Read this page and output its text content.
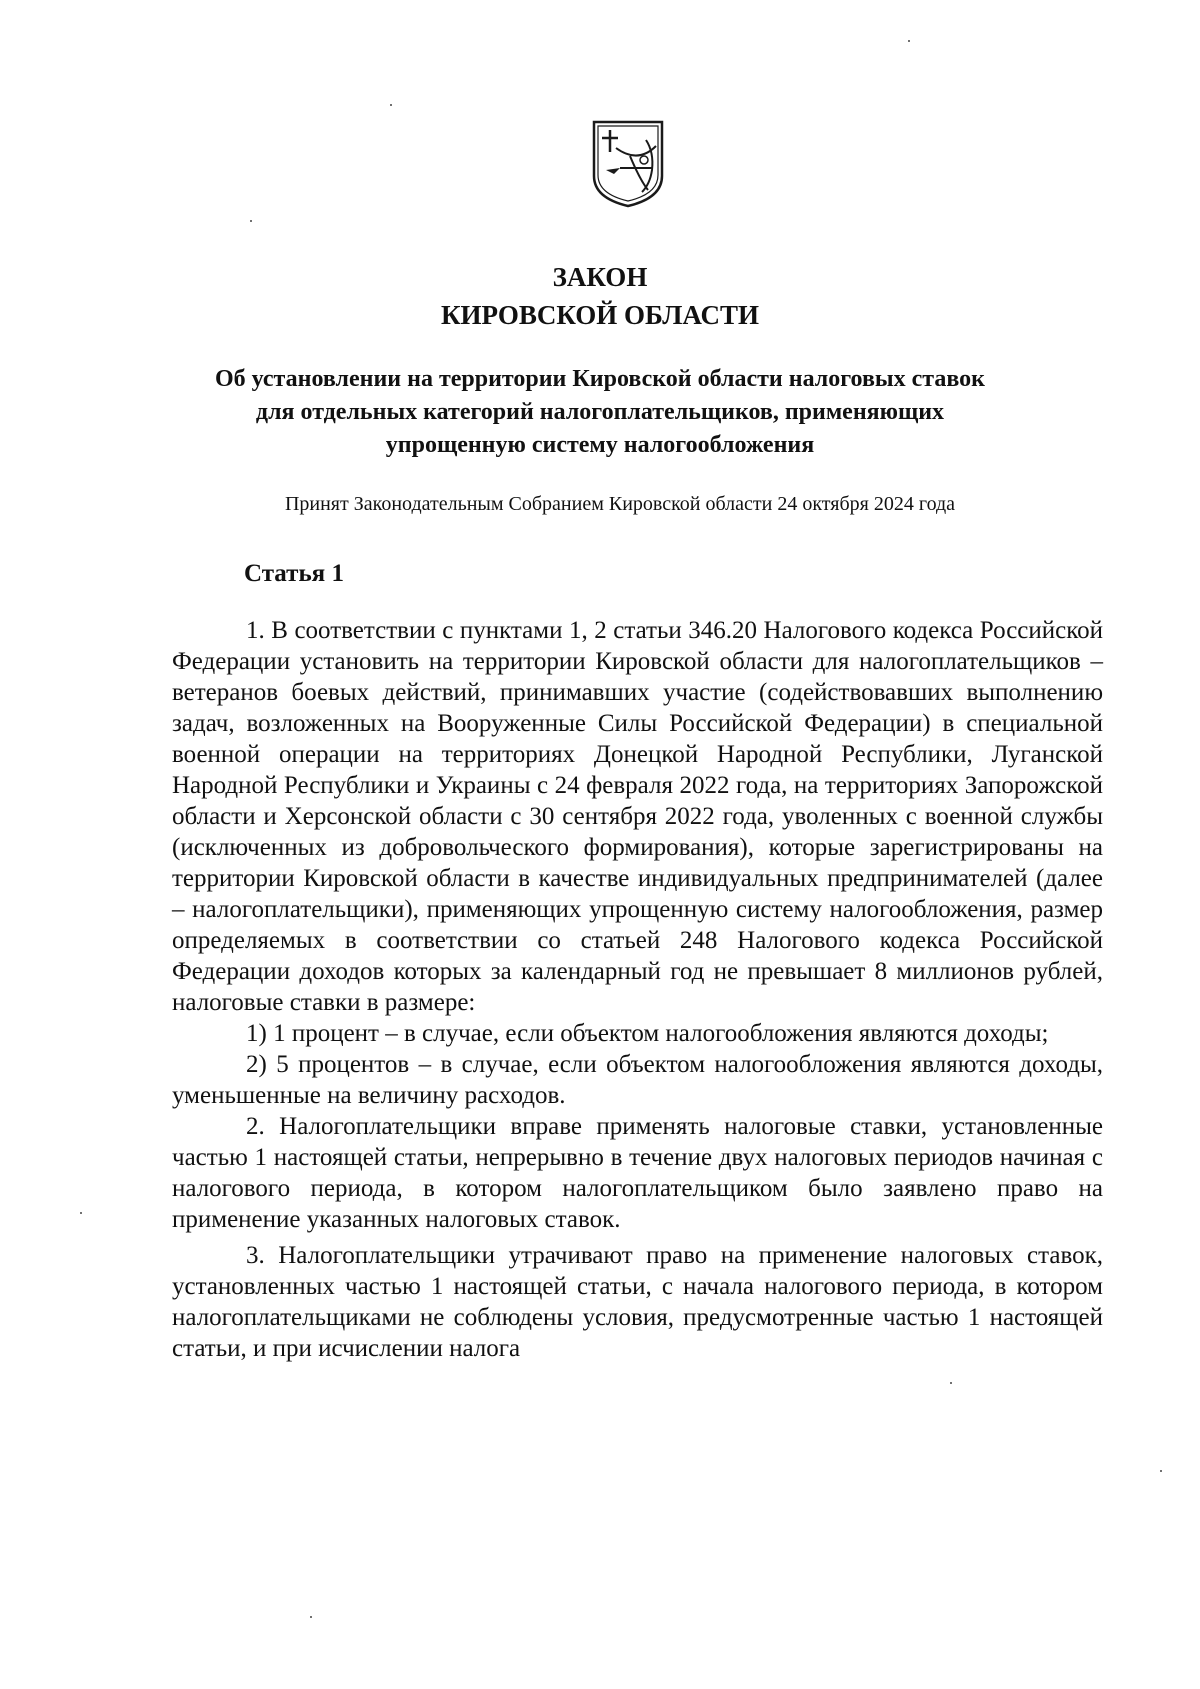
ЗАКОН
КИРОВСКОЙ ОБЛАСТИ
Об установлении на территории Кировской области налоговых ставок
для отдельных категорий налогоплательщиков, применяющих
упрощенную систему налогообложения
Принят Законодательным Собранием Кировской области 24 октября 2024 года
Статья 1

1. В соответствии с пунктами 1, 2 статьи 346.20 Налогового кодекса Российской Федерации установить на территории Кировской области для налогоплательщиков – ветеранов боевых действий, принимавших участие (содействовавших выполнению задач, возложенных на Вооруженные Силы Российской Федерации) в специальной военной операции на территориях Донецкой Народной Республики, Луганской Народной Республики и Украины с 24 февраля 2022 года, на территориях Запорожской области и Херсонской области с 30 сентября 2022 года, уволенных с военной службы (исключенных из добровольческого формирования), которые зарегистрированы на территории Кировской области в качестве индивидуальных предпринимателей (далее – налогоплательщики), применяющих упрощенную систему налогообложения, размер определяемых в соответствии со статьей 248 Налогового кодекса Российской Федерации доходов которых за календарный год не превышает 8 миллионов рублей, налоговые ставки в размере:

1) 1 процент – в случае, если объектом налогообложения являются доходы;

2) 5 процентов – в случае, если объектом налогообложения являются доходы, уменьшенные на величину расходов.

2. Налогоплательщики вправе применять налоговые ставки, установленные частью 1 настоящей статьи, непрерывно в течение двух налоговых периодов начиная с налогового периода, в котором налогоплательщиком было заявлено право на применение указанных налоговых ставок.

3. Налогоплательщики утрачивают право на применение налоговых ставок, установленных частью 1 настоящей статьи, с начала налогового периода, в котором налогоплательщиками не соблюдены условия, предусмотренные частью 1 настоящей статьи, и при исчислении налога
